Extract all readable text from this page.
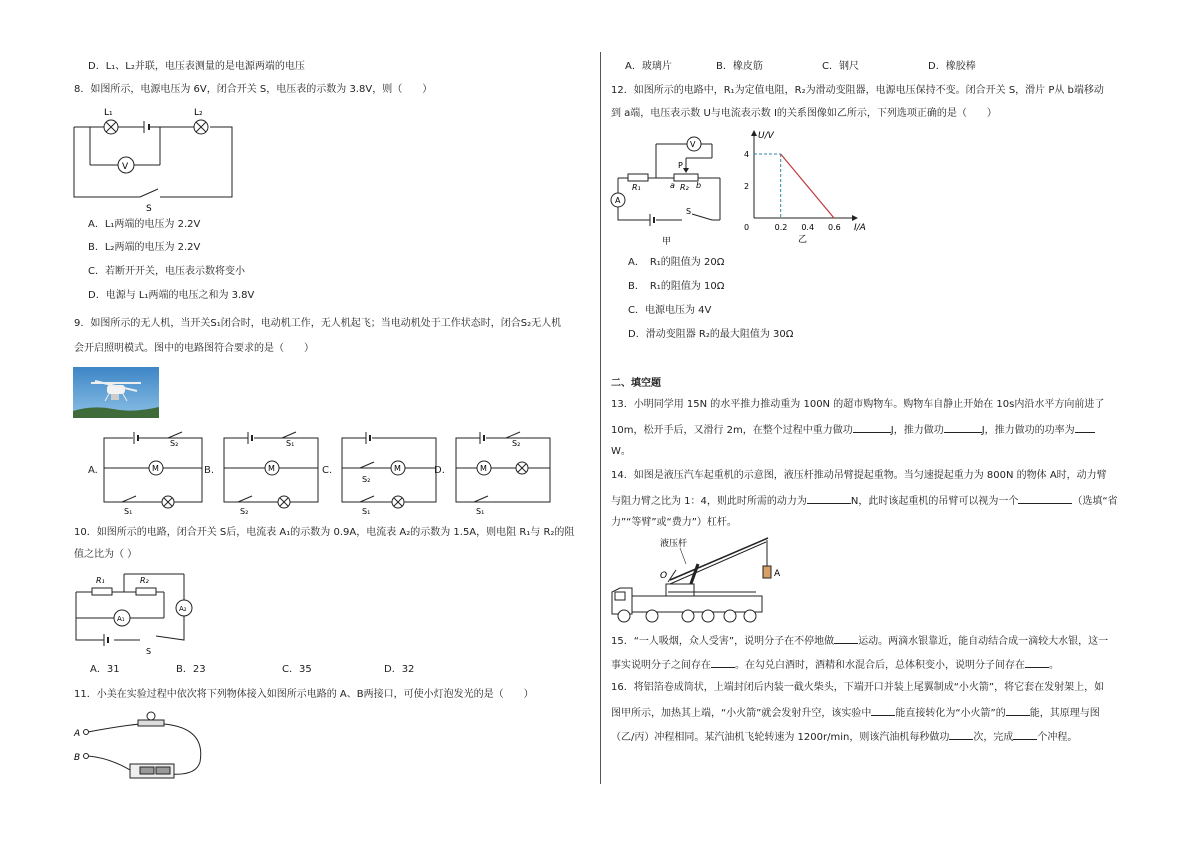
D．L₁、L₂并联，电压表测量的是电源两端的电压
8．如图所示，电源电压为 6V，闭合开关 S，电压表的示数为 3.8V，则（　　）
L₁	L₂
V
S
A．L₁两端的电压为 2.2V
B．L₂两端的电压为 2.2V
C．若断开开关，电压表示数将变小
D．电源与 L₁两端的电压之和为 3.8V
9．如图所示的无人机，当开关S₁闭合时，电动机工作，无人机起飞；当电动机处于工作状态时，闭合S₂无人机
会开启照明模式。图中的电路图符合要求的是（　　）
A.	B.	C.	D.
M
S₂
S₁
M
S₁
S₂
M
S₂
S₁
M
S₂
S₁
10．如图所示的电路，闭合开关 S后，电流表 A₁的示数为 0.9A，电流表 A₂的示数为 1.5A，则电阻 R₁与 R₂的阻
值之比为（ ）
R₁	R₂
A₁
A₂
S
A．31	B．23	C．35	D．32
11．小美在实验过程中依次将下列物体接入如图所示电路的 A、B两接口，可使小灯泡发光的是（　　）
A
B
A．玻璃片	B．橡皮筋	C．钢尺	D．橡胶棒
12．如图所示的电路中，R₁为定值电阻，R₂为滑动变阻器，电源电压保持不变。闭合开关 S，滑片 P从 b端移动
到 a端，电压表示数 U与电流表示数 I的关系图像如乙所示，下列选项正确的是（　　）
V
P
R₁	a R₂ b
A
S
甲
0	0.2 0.4 0.6
2
4
U/V
I/A
乙
A．　R₁的阻值为 20Ω
B．　R₁的阻值为 10Ω
C．电源电压为 4V
D．滑动变阻器 R₂的最大阻值为 30Ω
二、填空题
13．小明同学用 15N 的水平推力推动重为 100N 的超市购物车。购物车自静止开始在 10s内沿水平方向前进了
10m，松开手后，又滑行 2m，在整个过程中重力做功	J，推力做功	J，推力做功的功率为
W。
14．如图是液压汽车起重机的示意图，液压杆推动吊臂提起重物。当匀速提起重力为 800N 的物体 A时，动力臂
与阻力臂之比为 1：4，则此时所需的动力为	N，此时该起重机的吊臂可以视为一个	（选填“省
力”“等臂”或“费力”）杠杆。
液压杆
A
O
15．“一人吸烟，众人受害”，说明分子在不停地做 运动。两滴水银靠近，能自动结合成一滴较大水银，这一
事实说明分子之间存在 。在勾兑白酒时，酒精和水混合后，总体积变小，说明分子间存在 。
16．将铝箔卷成筒状，上端封闭后内装一截火柴头，下端开口并装上尾翼制成“小火箭”，将它套在发射架上，如
图甲所示，加热其上端，“小火箭”就会发射升空，该实验中 能直接转化为“小火箭”的 能，其原理与图
（乙/丙）冲程相同。某汽油机飞轮转速为 1200r/min，则该汽油机每秒做功 次，完成 个冲程。
